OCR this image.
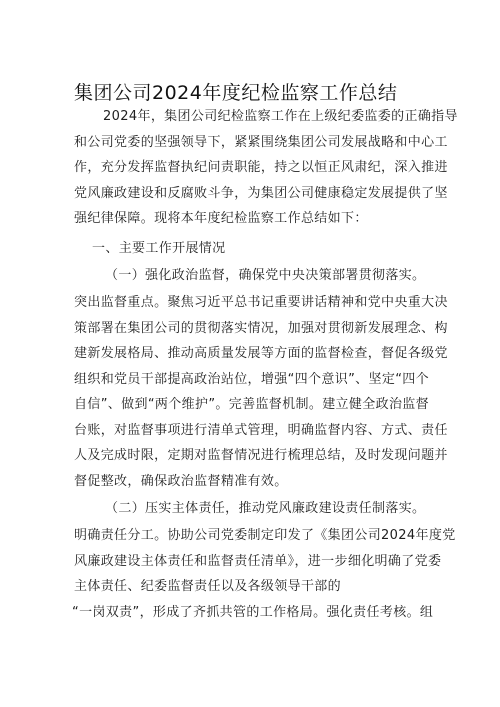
集团公司2024年度纪检监察工作总结
2024年，集团公司纪检监察工作在上级纪委监委的正确指导
和公司党委的坚强领导下，紧紧围绕集团公司发展战略和中心工
作，充分发挥监督执纪问责职能，持之以恒正风肃纪，深入推进
党风廉政建设和反腐败斗争，为集团公司健康稳定发展提供了坚
强纪律保障。现将本年度纪检监察工作总结如下：
一、主要工作开展情况
（一）强化政治监督，确保党中央决策部署贯彻落实。
突出监督重点。聚焦习近平总书记重要讲话精神和党中央重大决
策部署在集团公司的贯彻落实情况，加强对贯彻新发展理念、构
建新发展格局、推动高质量发展等方面的监督检查，督促各级党
组织和党员干部提高政治站位，增强“四个意识”、坚定“四个
自信”、做到“两个维护”。完善监督机制。建立健全政治监督
台账，对监督事项进行清单式管理，明确监督内容、方式、责任
人及完成时限，定期对监督情况进行梳理总结，及时发现问题并
督促整改，确保政治监督精准有效。
（二）压实主体责任，推动党风廉政建设责任制落实。
明确责任分工。协助公司党委制定印发了《集团公司2024年度党
风廉政建设主体责任和监督责任清单》，进一步细化明确了党委
主体责任、纪委监督责任以及各级领导干部的
“一岗双责”，形成了齐抓共管的工作格局。强化责任考核。组
